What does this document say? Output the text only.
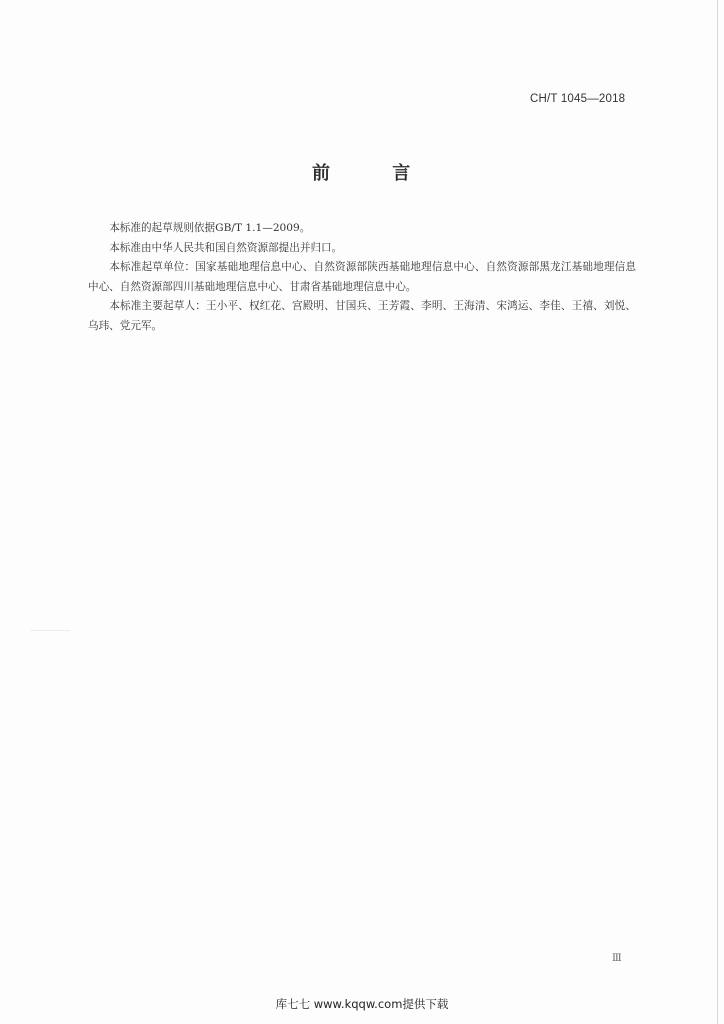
CH/T 1045—2018
前 言

本标准的起草规则依据GB/T 1.1—2009。

本标准由中华人民共和国自然资源部提出并归口。

本标准起草单位：国家基础地理信息中心、自然资源部陕西基础地理信息中心、自然资源部黑龙江基础地理信息中心、自然资源部四川基础地理信息中心、甘肃省基础地理信息中心。

本标准主要起草人：王小平、权红花、宫殿明、甘国兵、王芳霞、李明、王海清、宋鸿运、李佳、王禧、刘悦、乌玮、党元军。

Ⅲ
库七七 www.kqqw.com提供下载
